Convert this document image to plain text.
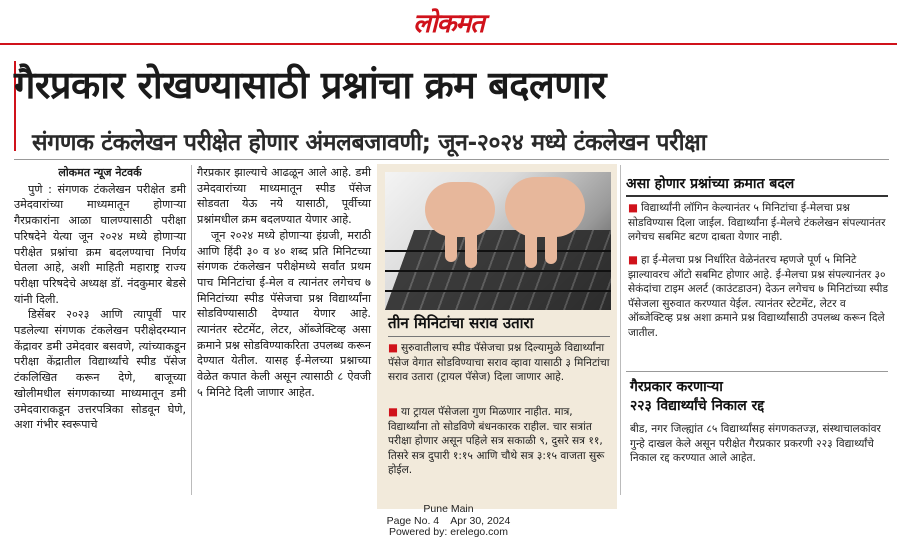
लोकमत
गैरप्रकार रोखण्यासाठी प्रश्नांचा क्रम बदलणार
संगणक टंकलेखन परीक्षेत होणार अंमलबजावणी; जून-२०२४ मध्ये टंकलेखन परीक्षा
लोकमत न्यूज नेटवर्क

पुणे : संगणक टंकलेखन परीक्षेत डमी उमेदवारांच्या माध्यमातून होणाऱ्या गैरप्रकारांना आळा घालण्यासाठी परीक्षा परिषदेने येत्या जून २०२४ मध्ये होणाऱ्या परीक्षेत प्रश्नांचा क्रम बदलण्याचा निर्णय घेतला आहे, अशी माहिती महाराष्ट्र राज्य परीक्षा परिषदेचे अध्यक्ष डॉ. नंदकुमार बेडसे यांनी दिली.

डिसेंबर २०२३ आणि त्यापूर्वी पार पडलेल्या संगणक टंकलेखन परीक्षेदरम्यान केंद्रावर डमी उमेदवार बसवणे, त्यांच्याकडून परीक्षा केंद्रातील विद्यार्थ्यांचे स्पीड पॅसेज टंकलिखित करून देणे, बाजूच्या खोलीमधील संगणकाच्या माध्यमातून डमी उमेदवाराकडून उत्तरपत्रिका सोडवून घेणे, अशा गंभीर स्वरूपाचे

गैरप्रकार झाल्याचे आढळून आले आहे. डमी उमेदवारांच्या माध्यमातून स्पीड पॅसेज सोडवता येऊ नये यासाठी, पूर्वीच्या प्रश्नांमधील क्रम बदलण्यात येणार आहे.

जून २०२४ मध्ये होणाऱ्या इंग्रजी, मराठी आणि हिंदी ३० व ४० शब्द प्रति मिनिटच्या संगणक टंकलेखन परीक्षेमध्ये सर्वांत प्रथम पाच मिनिटांचा ई-मेल व त्यानंतर लगेचच ७ मिनिटांच्या स्पीड पॅसेजचा प्रश्न विद्यार्थ्यांना सोडविण्यासाठी देण्यात येणार आहे. त्यानंतर स्टेटमेंट, लेटर, ऑब्जेक्टिव्ह असा क्रमाने प्रश्न सोडविण्याकरिता उपलब्ध करून देण्यात येतील. यासह ई-मेलच्या प्रश्नाच्या वेळेत कपात केली असून त्यासाठी ८ ऐवजी ५ मिनिटे दिली जाणार आहेत.

तीन मिनिटांचा सराव उतारा
■ सुरुवातीलाच स्पीड पॅसेजचा प्रश्न दिल्यामुळे विद्यार्थ्यांना पॅसेज वेगात सोडविण्याचा सराव व्हावा यासाठी ३ मिनिटांचा सराव उतारा (ट्रायल पॅसेज) दिला जाणार आहे.
■ या ट्रायल पॅसेजला गुण मिळणार नाहीत. मात्र, विद्यार्थ्यांना तो सोडविणे बंधनकारक राहील. चार सत्रांत परीक्षा होणार असून पहिले सत्र सकाळी ९, दुसरे सत्र ११, तिसरे सत्र दुपारी १:१५ आणि चौथे सत्र ३:१५ वाजता सुरू होईल.
असा होणार प्रश्नांच्या क्रमात बदल
■ विद्यार्थ्यांनी लॉगिन केल्यानंतर ५ मिनिटांचा ई-मेलचा प्रश्न सोडविण्यास दिला जाईल. विद्यार्थ्यांना ई-मेलचे टंकलेखन संपल्यानंतर लगेचच सबमिट बटण दाबता येणार नाही.
■ हा ई-मेलचा प्रश्न निर्धारित वेळेनंतरच म्हणजे पूर्ण ५ मिनिटे झाल्यावरच ऑटो सबमिट होणार आहे. ई-मेलचा प्रश्न संपल्यानंतर ३० सेकंदांचा टाइम अलर्ट (काउंटडाउन) देऊन लगेचच ७ मिनिटांच्या स्पीड पॅसेजला सुरुवात करण्यात येईल. त्यानंतर स्टेटमेंट, लेटर व ऑब्जेक्टिव्ह प्रश्न अशा क्रमाने प्रश्न विद्यार्थ्यांसाठी उपलब्ध करून दिले जातील.
गैरप्रकार करणाऱ्या
२२३ विद्यार्थ्यांचे निकाल रद्द
बीड, नगर जिल्ह्यांत ८५ विद्यार्थ्यांसह संगणकतज्ज्ञ, संस्थाचालकांवर गुन्हे दाखल केले असून परीक्षेत गैरप्रकार प्रकरणी २२३ विद्यार्थ्यांचे निकाल रद्द करण्यात आले आहेत.
Pune Main
Page No. 4    Apr 30, 2024
Powered by: erelego.com
